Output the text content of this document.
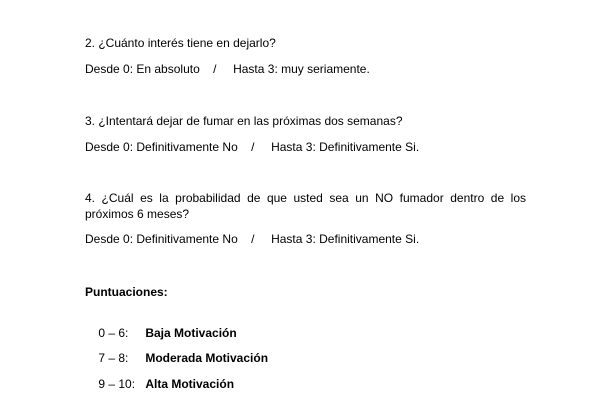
2. ¿Cuánto interés tiene en dejarlo?
Desde 0: En absoluto    /     Hasta 3: muy seriamente.
3. ¿Intentará dejar de fumar en las próximas dos semanas?
Desde 0: Definitivamente No    /     Hasta 3: Definitivamente Si.
4. ¿Cuál es la probabilidad de que usted sea un NO fumador dentro de los próximos 6 meses?
Desde 0: Definitivamente No    /     Hasta 3: Definitivamente Si.
Puntuaciones:

0 – 6: Baja Motivación

7 – 8: Moderada Motivación

9 – 10: Alta Motivación
